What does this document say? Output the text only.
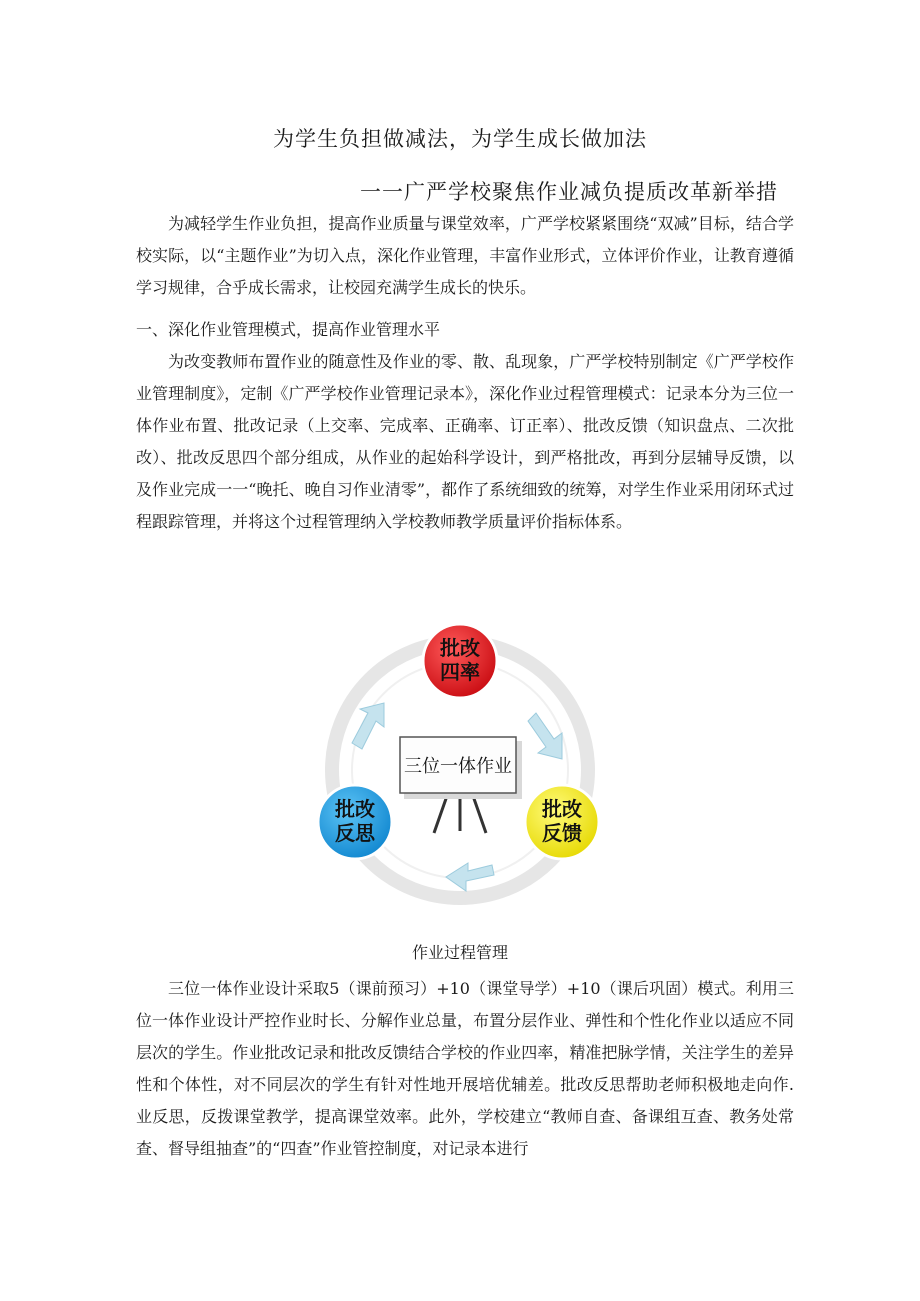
为学生负担做减法，为学生成长做加法
一一广严学校聚焦作业减负提质改革新举措

为减轻学生作业负担，提高作业质量与课堂效率，广严学校紧紧围绕“双减”目标，结合学校实际，以“主题作业”为切入点，深化作业管理，丰富作业形式，立体评价作业，让教育遵循学习规律，合乎成长需求，让校园充满学生成长的快乐。

一、深化作业管理模式，提高作业管理水平

为改变教师布置作业的随意性及作业的零、散、乱现象，广严学校特别制定《广严学校作业管理制度》，定制《广严学校作业管理记录本》，深化作业过程管理模式：记录本分为三位一体作业布置、批改记录（上交率、完成率、正确率、订正率）、批改反馈（知识盘点、二次批改）、批改反思四个部分组成，从作业的起始科学设计，到严格批改，再到分层辅导反馈，以及作业完成一一“晚托、晚自习作业清零”，都作了系统细致的统筹，对学生作业采用闭环式过程跟踪管理，并将这个过程管理纳入学校教师教学质量评价指标体系。

三位一体作业
批改
四率
批改
反馈
批改
反思
作业过程管理

三位一体作业设计采取5（课前预习）+10（课堂导学）+10（课后巩固）模式。利用三位一体作业设计严控作业时长、分解作业总量，布置分层作业、弹性和个性化作业以适应不同层次的学生。作业批改记录和批改反馈结合学校的作业四率，精准把脉学情，关注学生的差异性和个体性，对不同层次的学生有针对性地开展培优辅差。批改反思帮助老师积极地走向作.业反思，反拨课堂教学，提高课堂效率。此外，学校建立“教师自查、备课组互查、教务处常查、督导组抽查”的“四查”作业管控制度，对记录本进行
